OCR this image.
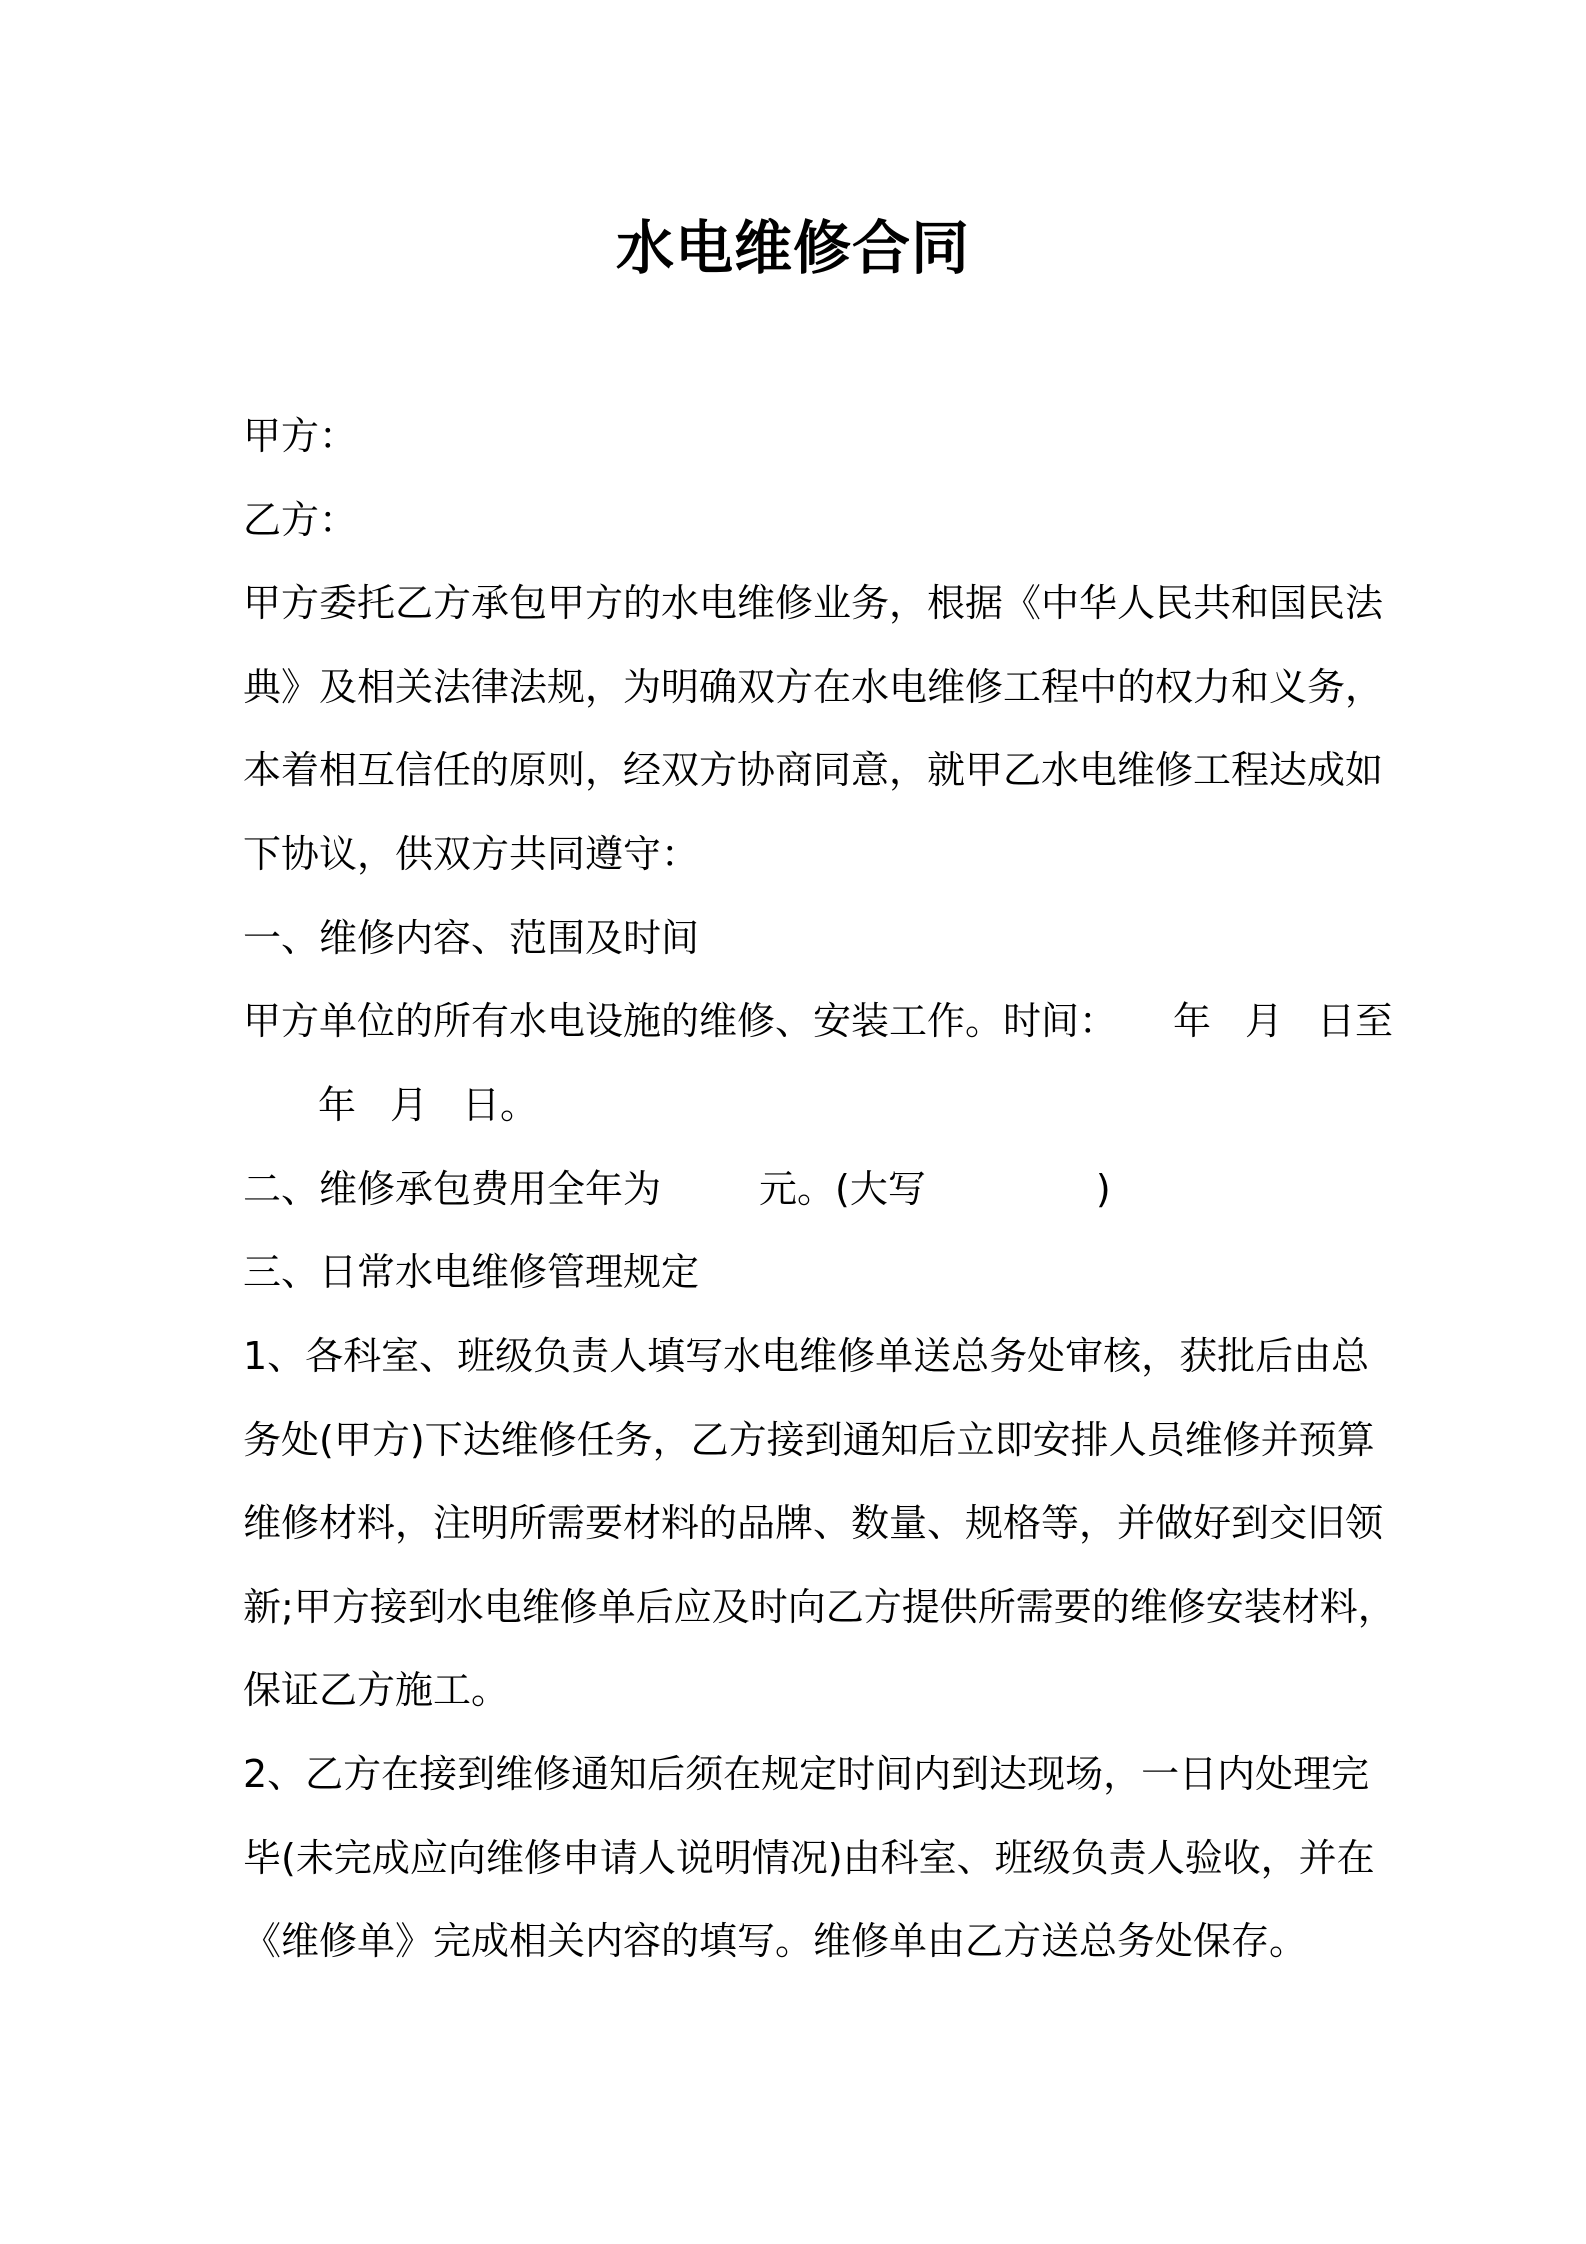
水电维修合同
甲方：
乙方：
甲方委托乙方承包甲方的水电维修业务，根据《中华人民共和国民法
典》及相关法律法规，为明确双方在水电维修工程中的权力和义务，
本着相互信任的原则，经双方协商同意，就甲乙水电维修工程达成如
下协议，供双方共同遵守：
一、维修内容、范围及时间
甲方单位的所有水电设施的维修、安装工作。时间： 年 月 日至
年 月 日。
二、维修承包费用全年为	元。(大写	)
三、日常水电维修管理规定
1、各科室、班级负责人填写水电维修单送总务处审核，获批后由总
务处(甲方)下达维修任务，乙方接到通知后立即安排人员维修并预算
维修材料，注明所需要材料的品牌、数量、规格等，并做好到交旧领
新;甲方接到水电维修单后应及时向乙方提供所需要的维修安装材料，
保证乙方施工。
2、乙方在接到维修通知后须在规定时间内到达现场，一日内处理完
毕(未完成应向维修申请人说明情况)由科室、班级负责人验收，并在
《维修单》完成相关内容的填写。维修单由乙方送总务处保存。
